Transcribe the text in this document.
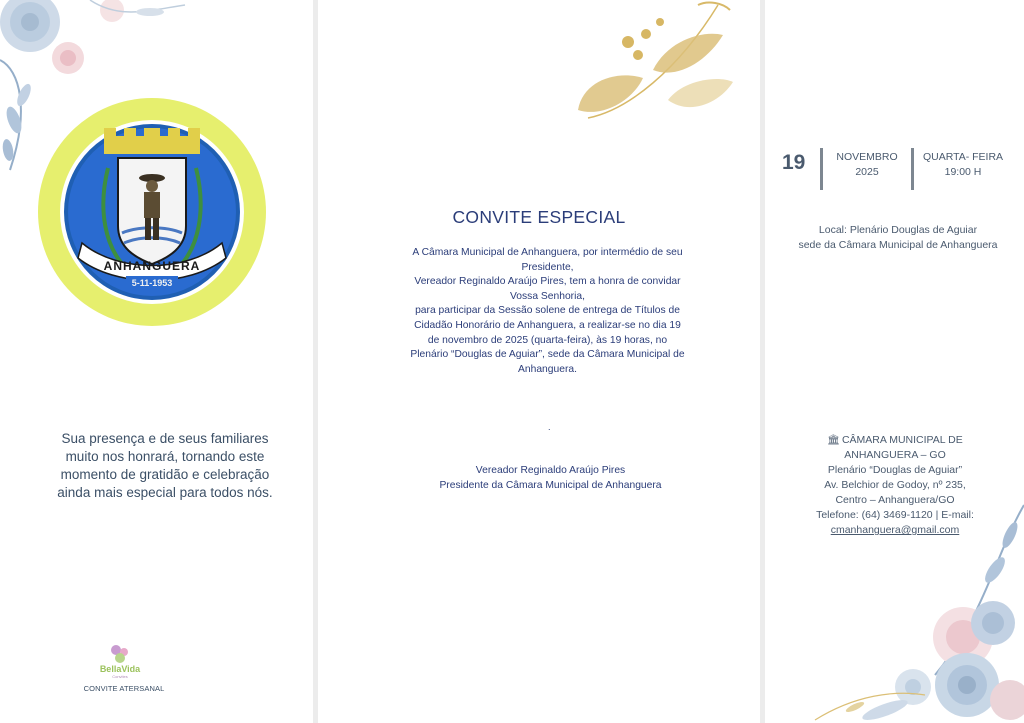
ANHANGUERA
5-11-1953
Sua presença e de seus familiares
muito nos honrará, tornando este
momento de gratidão e celebração
ainda mais especial para todos nós.
BellaVida
Convites
CONVITE ATERSANAL
CONVITE ESPECIAL
A Câmara Municipal de Anhanguera, por intermédio de seu
Presidente,
Vereador Reginaldo Araújo Pires, tem a honra de convidar
Vossa Senhoria,
para participar da Sessão solene de entrega de Títulos de
Cidadão Honorário de Anhanguera, a realizar-se no dia 19
de novembro de 2025 (quarta-feira), às 19 horas, no
Plenário “Douglas de Aguiar”, sede da Câmara Municipal de
Anhanguera.
.
Vereador Reginaldo Araújo Pires
Presidente da Câmara Municipal de Anhanguera
19	NOVEMBRO
2025
QUARTA- FEIRA
19:00 H
Local: Plenário Douglas de Aguiar
sede da Câmara Municipal de Anhanguera
🏛 CÂMARA MUNICIPAL DE
ANHANGUERA – GO
Plenário “Douglas de Aguiar”
Av. Belchior de Godoy, nº 235,
Centro – Anhanguera/GO
Telefone: (64) 3469-1120 | E-mail:
cmanhanguera@gmail.com
